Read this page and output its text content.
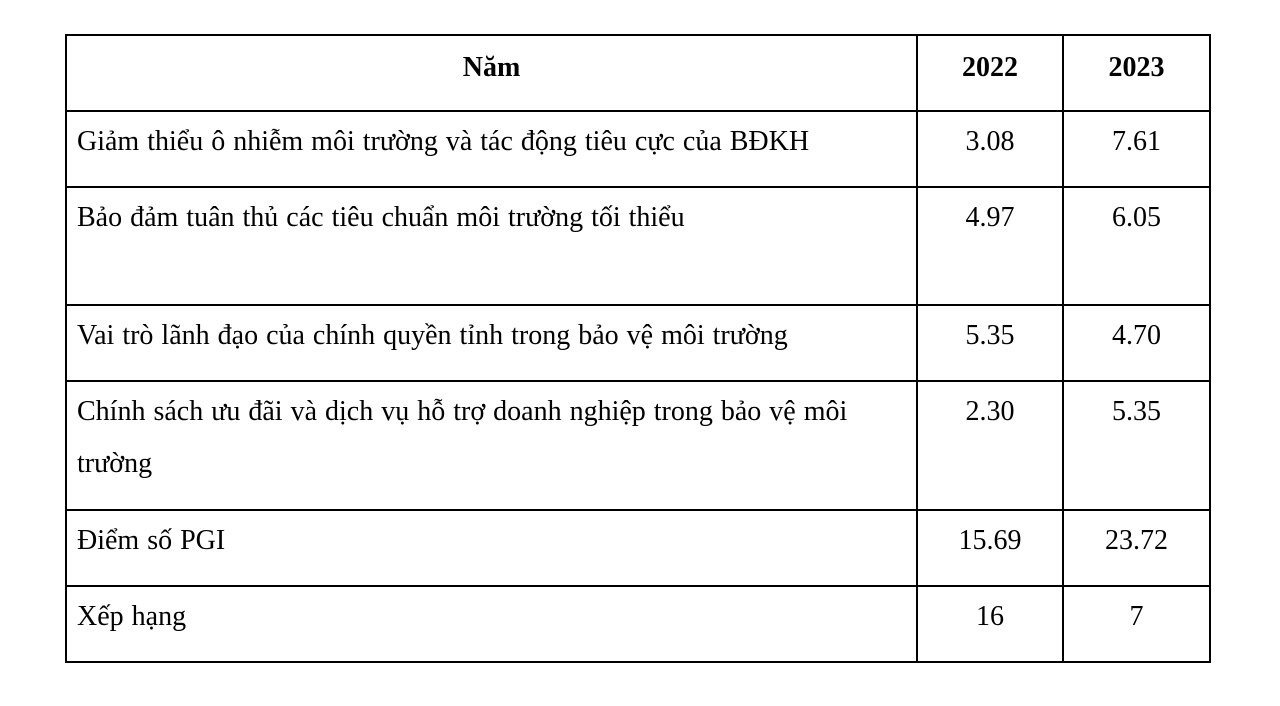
Năm	2022	2023
Giảm thiểu ô nhiễm môi trường và tác động tiêu cực của BĐKH	3.08	7.61
Bảo đảm tuân thủ các tiêu chuẩn môi trường tối thiểu	4.97	6.05
Vai trò lãnh đạo của chính quyền tỉnh trong bảo vệ môi trường	5.35	4.70
Chính sách ưu đãi và dịch vụ hỗ trợ doanh nghiệp trong bảo vệ môi trường	2.30	5.35
Điểm số PGI	15.69	23.72
Xếp hạng	16	7
